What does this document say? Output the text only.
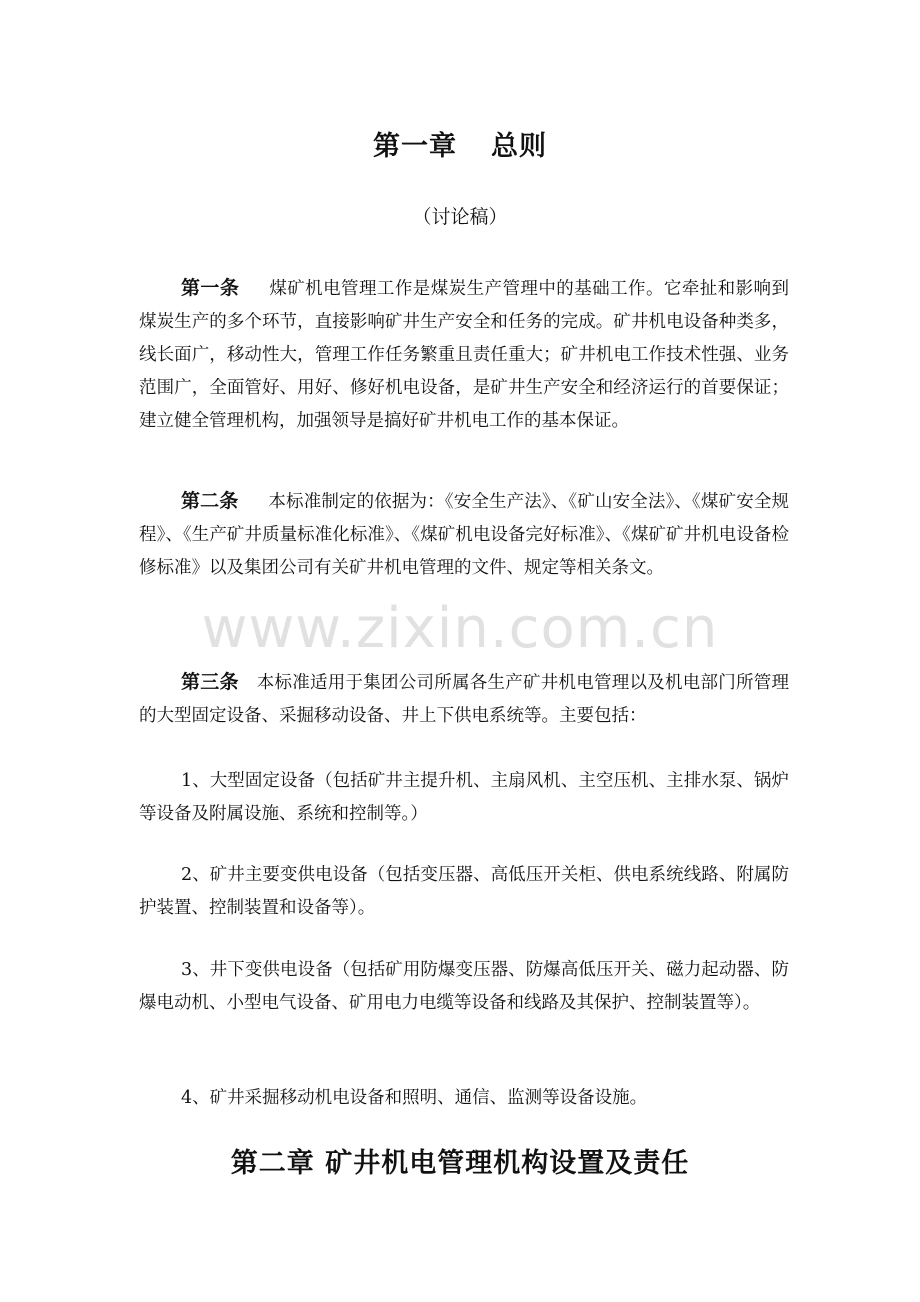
第一章 总则
（讨论稿）

第一条 煤矿机电管理工作是煤炭生产管理中的基础工作。它牵扯和影响到煤炭生产的多个环节，直接影响矿井生产安全和任务的完成。矿井机电设备种类多，线长面广，移动性大，管理工作任务繁重且责任重大；矿井机电工作技术性强、业务范围广，全面管好、用好、修好机电设备，是矿井生产安全和经济运行的首要保证；建立健全管理机构，加强领导是搞好矿井机电工作的基本保证。

第二条 本标准制定的依据为：《安全生产法》、《矿山安全法》、《煤矿安全规程》、《生产矿井质量标准化标准》、《煤矿机电设备完好标准》、《煤矿矿井机电设备检修标准》以及集团公司有关矿井机电管理的文件、规定等相关条文。

第三条 本标准适用于集团公司所属各生产矿井机电管理以及机电部门所管理的大型固定设备、采掘移动设备、井上下供电系统等。主要包括：

1、大型固定设备（包括矿井主提升机、主扇风机、主空压机、主排水泵、锅炉等设备及附属设施、系统和控制等。）

2、矿井主要变供电设备（包括变压器、高低压开关柜、供电系统线路、附属防护装置、控制装置和设备等）。

3、井下变供电设备（包括矿用防爆变压器、防爆高低压开关、磁力起动器、防爆电动机、小型电气设备、矿用电力电缆等设备和线路及其保护、控制装置等）。

4、矿井采掘移动机电设备和照明、通信、监测等设备设施。

第二章 矿井机电管理机构设置及责任
www.zixin.com.cn
